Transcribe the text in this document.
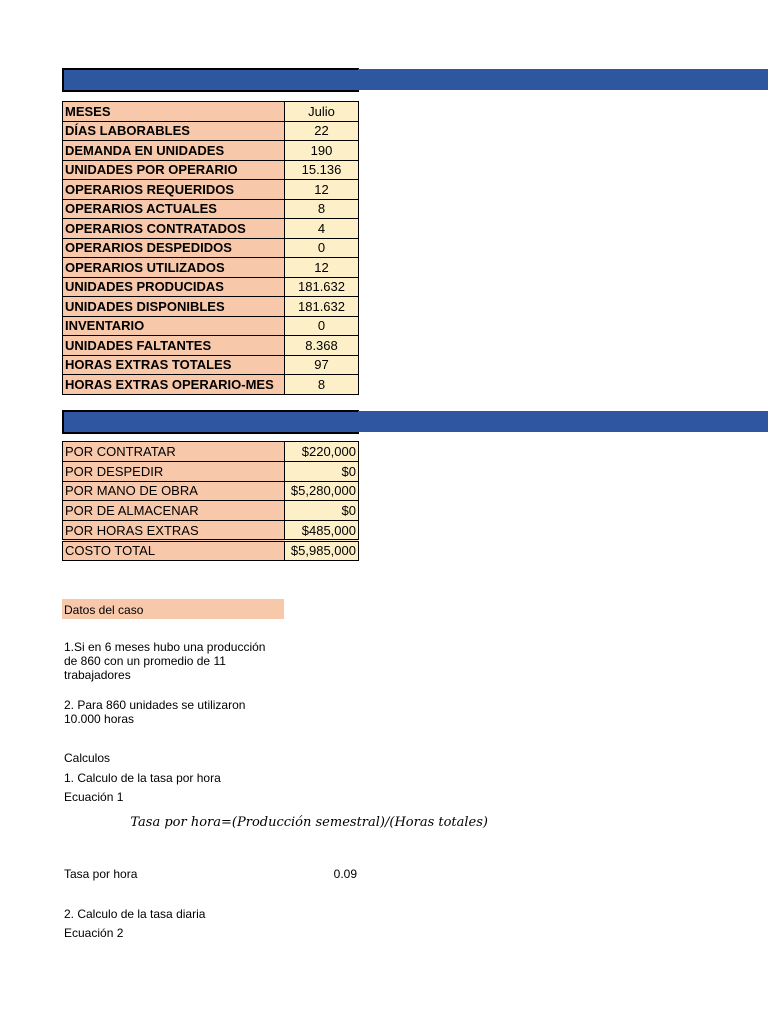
MESES	Julio
DÍAS LABORABLES	22
DEMANDA EN UNIDADES	190
UNIDADES POR OPERARIO	15.136
OPERARIOS REQUERIDOS	12
OPERARIOS ACTUALES	8
OPERARIOS CONTRATADOS	4
OPERARIOS DESPEDIDOS	0
OPERARIOS UTILIZADOS	12
UNIDADES PRODUCIDAS	181.632
UNIDADES DISPONIBLES	181.632
INVENTARIO	0
UNIDADES FALTANTES	8.368
HORAS EXTRAS TOTALES	97
HORAS EXTRAS OPERARIO-MES	8
POR CONTRATAR	$220,000
POR DESPEDIR	$0
POR MANO DE OBRA	$5,280,000
POR DE ALMACENAR	$0
POR HORAS EXTRAS	$485,000
COSTO TOTAL	$5,985,000
Datos del caso
1.Si en 6 meses hubo una producción
de 860 con un promedio de 11
trabajadores
2. Para 860 unidades se utilizaron
10.000 horas
Calculos
1. Calculo de la tasa por hora
Ecuación 1
Tasa por hora=(Producción semestral)/(Horas totales)
Tasa por hora	0.09
2. Calculo de la tasa diaria
Ecuación 2
